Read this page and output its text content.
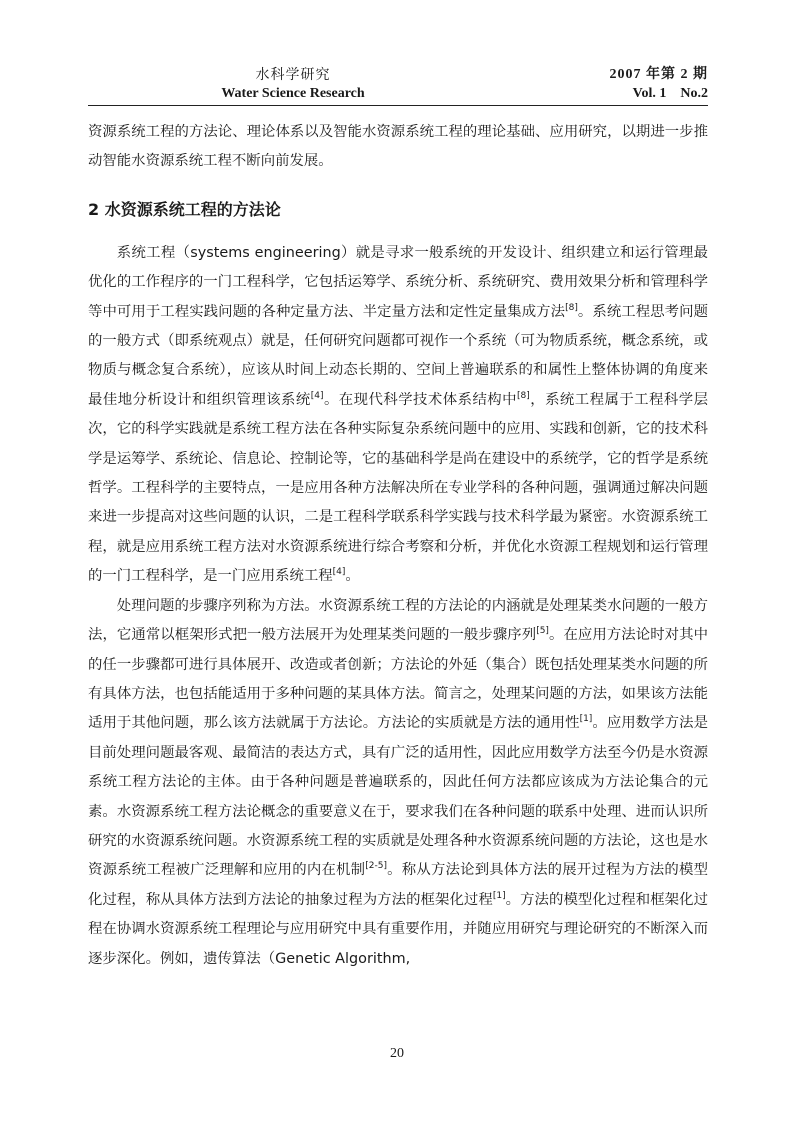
水科学研究
Water Science Research
2007 年第 2 期
Vol. 1    No.2

资源系统工程的方法论、理论体系以及智能水资源系统工程的理论基础、应用研究，以期进一步推动智能水资源系统工程不断向前发展。

2 水资源系统工程的方法论

系统工程（systems engineering）就是寻求一般系统的开发设计、组织建立和运行管理最优化的工作程序的一门工程科学，它包括运筹学、系统分析、系统研究、费用效果分析和管理科学等中可用于工程实践问题的各种定量方法、半定量方法和定性定量集成方法[8]。系统工程思考问题的一般方式（即系统观点）就是，任何研究问题都可视作一个系统（可为物质系统，概念系统，或物质与概念复合系统），应该从时间上动态长期的、空间上普遍联系的和属性上整体协调的角度来最佳地分析设计和组织管理该系统[4]。在现代科学技术体系结构中[8]，系统工程属于工程科学层次，它的科学实践就是系统工程方法在各种实际复杂系统问题中的应用、实践和创新，它的技术科学是运筹学、系统论、信息论、控制论等，它的基础科学是尚在建设中的系统学，它的哲学是系统哲学。工程科学的主要特点，一是应用各种方法解决所在专业学科的各种问题，强调通过解决问题来进一步提高对这些问题的认识，二是工程科学联系科学实践与技术科学最为紧密。水资源系统工程，就是应用系统工程方法对水资源系统进行综合考察和分析，并优化水资源工程规划和运行管理的一门工程科学，是一门应用系统工程[4]。

处理问题的步骤序列称为方法。水资源系统工程的方法论的内涵就是处理某类水问题的一般方法，它通常以框架形式把一般方法展开为处理某类问题的一般步骤序列[5]。在应用方法论时对其中的任一步骤都可进行具体展开、改造或者创新；方法论的外延（集合）既包括处理某类水问题的所有具体方法，也包括能适用于多种问题的某具体方法。简言之，处理某问题的方法，如果该方法能适用于其他问题，那么该方法就属于方法论。方法论的实质就是方法的通用性[1]。应用数学方法是目前处理问题最客观、最简洁的表达方式，具有广泛的适用性，因此应用数学方法至今仍是水资源系统工程方法论的主体。由于各种问题是普遍联系的，因此任何方法都应该成为方法论集合的元素。水资源系统工程方法论概念的重要意义在于，要求我们在各种问题的联系中处理、进而认识所研究的水资源系统问题。水资源系统工程的实质就是处理各种水资源系统问题的方法论，这也是水资源系统工程被广泛理解和应用的内在机制[2-5]。称从方法论到具体方法的展开过程为方法的模型化过程，称从具体方法到方法论的抽象过程为方法的框架化过程[1]。方法的模型化过程和框架化过程在协调水资源系统工程理论与应用研究中具有重要作用，并随应用研究与理论研究的不断深入而逐步深化。例如，遗传算法（Genetic Algorithm,

20
